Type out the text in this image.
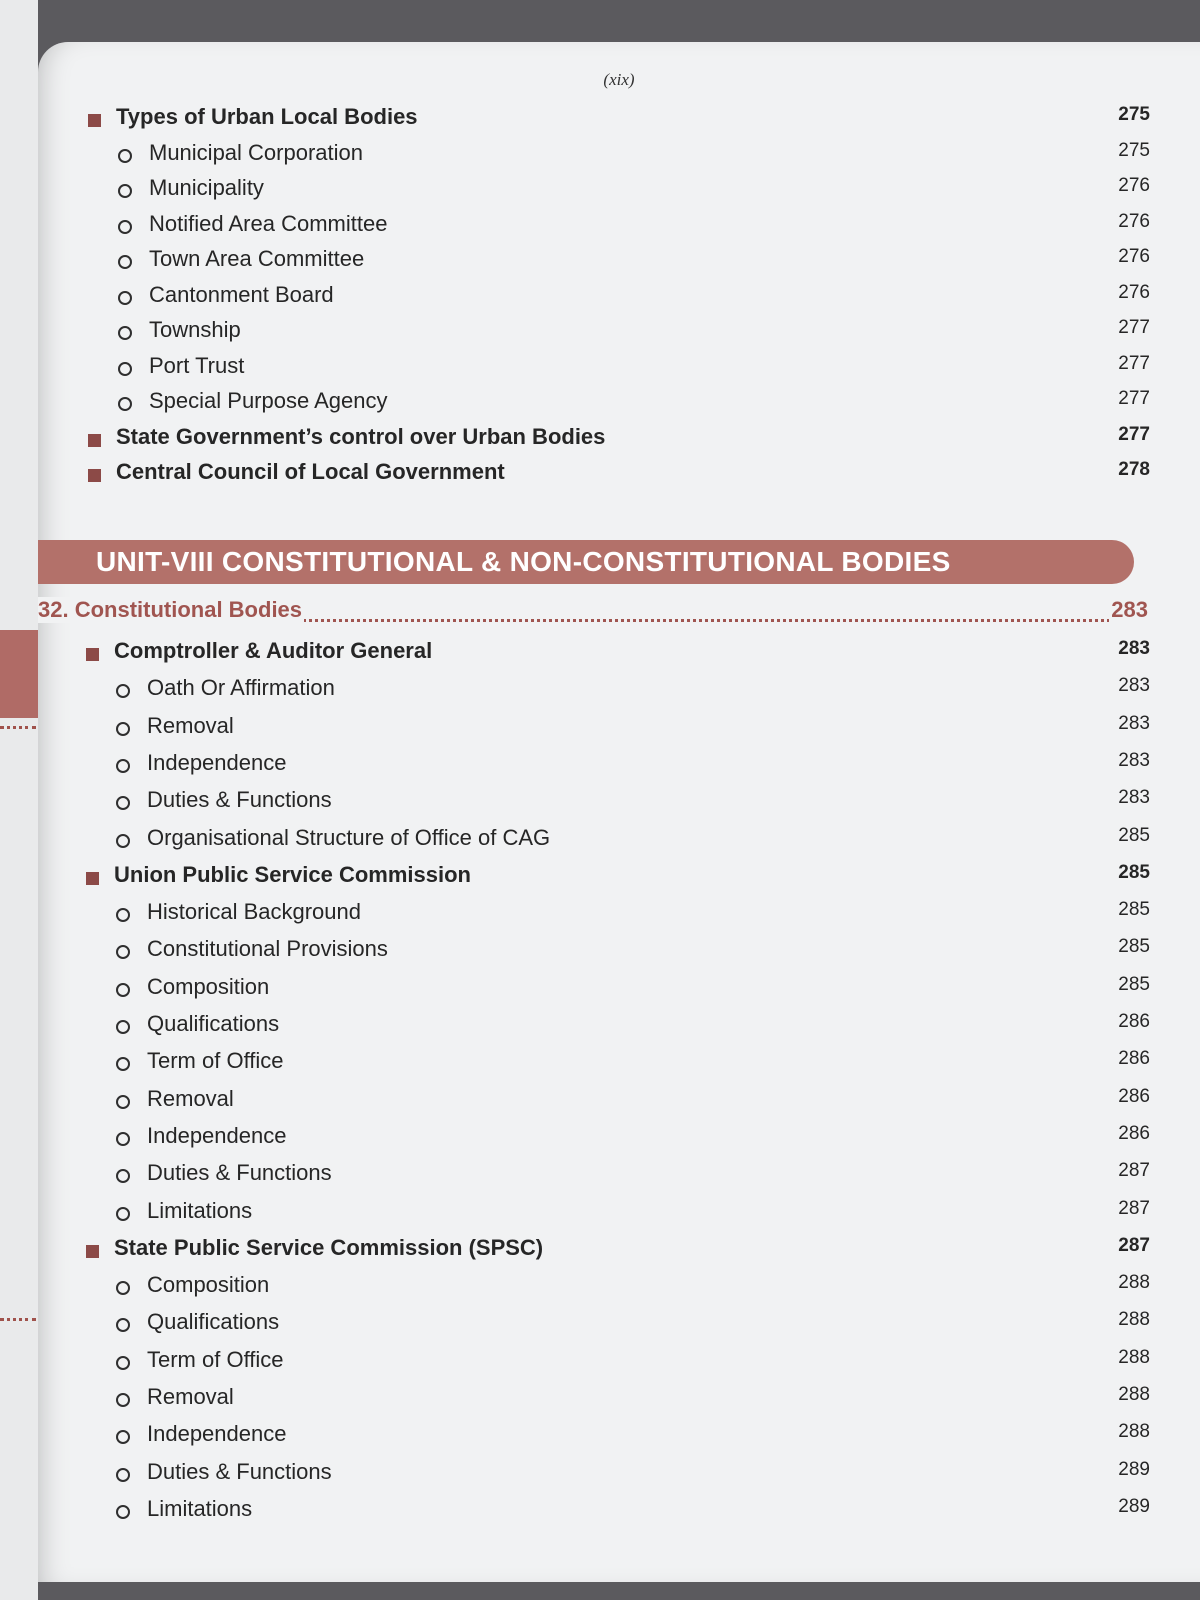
(xix)
Types of Urban Local Bodies	275
Municipal Corporation	275
Municipality	276
Notified Area Committee	276
Town Area Committee	276
Cantonment Board	276
Township	277
Port Trust	277
Special Purpose Agency	277
State Government’s control over Urban Bodies	277
Central Council of Local Government	278
UNIT-VIII CONSTITUTIONAL & NON-CONSTITUTIONAL BODIES
32. Constitutional Bodies	283
Comptroller & Auditor General	283
Oath Or Affirmation	283
Removal	283
Independence	283
Duties & Functions	283
Organisational Structure of Office of CAG	285
Union Public Service Commission	285
Historical Background	285
Constitutional Provisions	285
Composition	285
Qualifications	286
Term of Office	286
Removal	286
Independence	286
Duties & Functions	287
Limitations	287
State Public Service Commission (SPSC)	287
Composition	288
Qualifications	288
Term of Office	288
Removal	288
Independence	288
Duties & Functions	289
Limitations	289
